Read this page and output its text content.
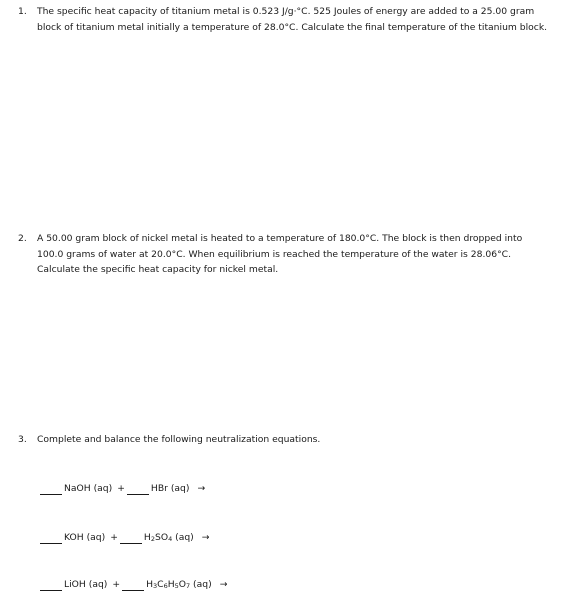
1.	The specific heat capacity of titanium metal is 0.523 J/g·°C. 525 Joules of energy are added to a 25.00 gram block of titanium metal initially a temperature of 28.0°C. Calculate the final temperature of the titanium block.
2.	A 50.00 gram block of nickel metal is heated to a temperature of 180.0°C. The block is then dropped into 100.0 grams of water at 20.0°C. When equilibrium is reached the temperature of the water is 28.06°C. Calculate the specific heat capacity for nickel metal.
3.	Complete and balance the following neutralization equations.
NaOH (aq) +	HBr (aq) →
KOH (aq) +	$H_2SO_4$ (aq) →
LiOH (aq) +	$H_3C_6H_5O_7$ (aq) →
